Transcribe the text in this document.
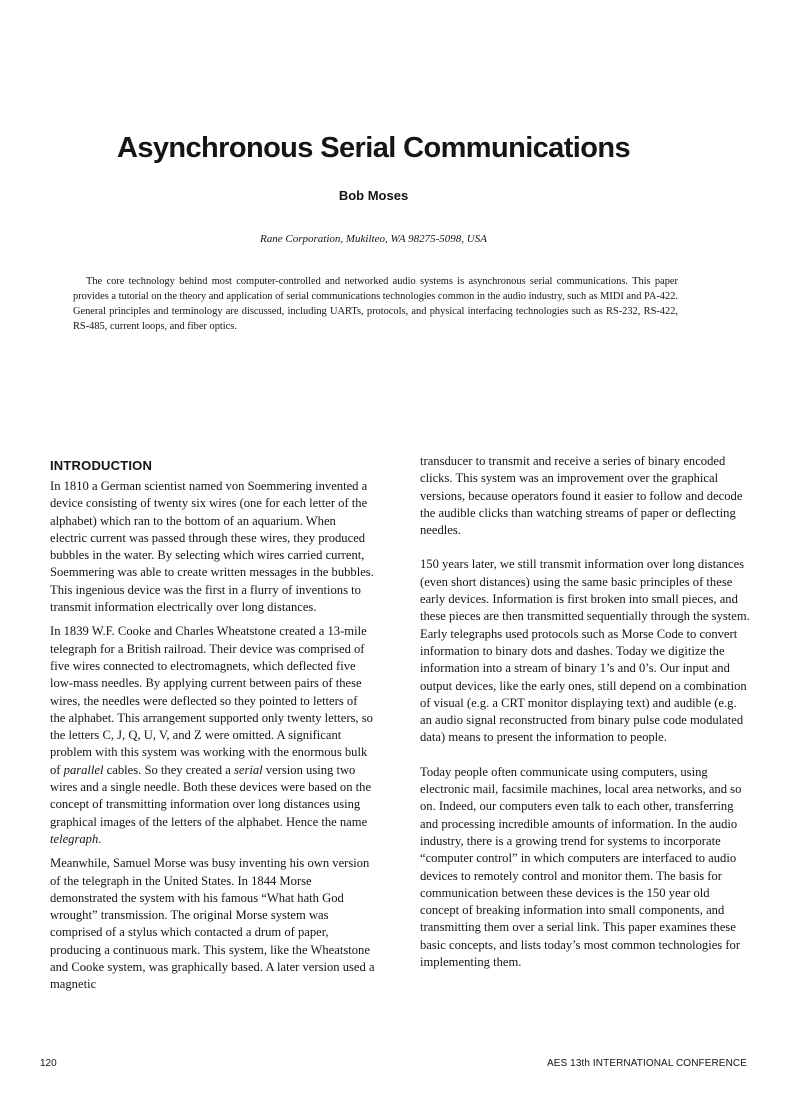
Asynchronous Serial Communications
Bob Moses
Rane Corporation, Mukilteo, WA 98275-5098, USA

The core technology behind most computer-controlled and networked audio systems is asynchronous serial communications. This paper provides a tutorial on the theory and application of serial communications technologies common in the audio industry, such as MIDI and PA-422. General principles and terminology are discussed, including UARTs, protocols, and physical interfacing technologies such as RS-232, RS-422, RS-485, current loops, and fiber optics.

INTRODUCTION

In 1810 a German scientist named von Soemmering invented a device consisting of twenty six wires (one for each letter of the alphabet) which ran to the bottom of an aquarium. When electric current was passed through these wires, they produced bubbles in the water. By selecting which wires carried current, Soemmering was able to create written messages in the bubbles. This ingenious device was the first in a flurry of inventions to transmit information electrically over long distances.

In 1839 W.F. Cooke and Charles Wheatstone created a 13-mile telegraph for a British railroad. Their device was comprised of five wires connected to electromagnets, which deflected five low-mass needles. By applying current between pairs of these wires, the needles were deflected so they pointed to letters of the alphabet. This arrangement supported only twenty letters, so the letters C, J, Q, U, V, and Z were omitted. A significant problem with this system was working with the enormous bulk of parallel cables. So they created a serial version using two wires and a single needle. Both these devices were based on the concept of transmitting information over long distances using graphical images of the letters of the alphabet. Hence the name telegraph.

Meanwhile, Samuel Morse was busy inventing his own version of the telegraph in the United States. In 1844 Morse demonstrated the system with his famous “What hath God wrought” transmission. The original Morse system was comprised of a stylus which contacted a drum of paper, producing a continuous mark. This system, like the Wheatstone and Cooke system, was graphically based. A later version used a magnetic

transducer to transmit and receive a series of binary encoded clicks. This system was an improvement over the graphical versions, because operators found it easier to follow and decode the audible clicks than watching streams of paper or deflecting needles.

150 years later, we still transmit information over long distances (even short distances) using the same basic principles of these early devices. Information is first broken into small pieces, and these pieces are then transmitted sequentially through the system. Early telegraphs used protocols such as Morse Code to convert information to binary dots and dashes. Today we digitize the information into a stream of binary 1’s and 0’s. Our input and output devices, like the early ones, still depend on a combination of visual (e.g. a CRT monitor displaying text) and audible (e.g. an audio signal reconstructed from binary pulse code modulated data) means to present the information to people.

Today people often communicate using computers, using electronic mail, facsimile machines, local area networks, and so on. Indeed, our computers even talk to each other, transferring and processing incredible amounts of information. In the audio industry, there is a growing trend for systems to incorporate “computer control” in which computers are interfaced to audio devices to remotely control and monitor them. The basis for communication between these devices is the 150 year old concept of breaking information into small components, and transmitting them over a serial link. This paper examines these basic concepts, and lists today’s most common technologies for implementing them.

120	AES 13th INTERNATIONAL CONFERENCE
